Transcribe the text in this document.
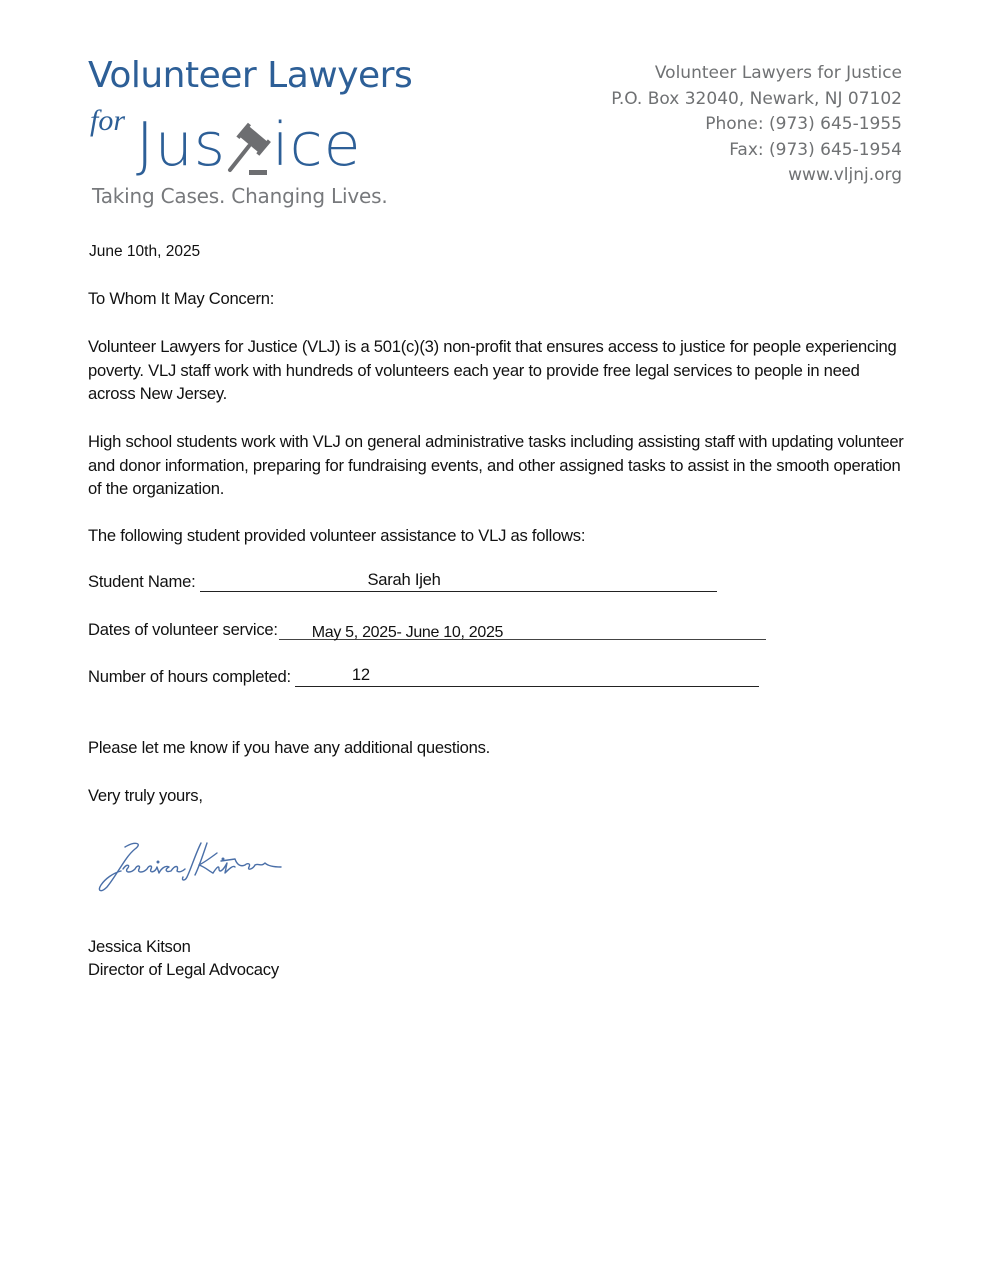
Volunteer Lawyers
for Jus ice
Taking Cases. Changing Lives.
Volunteer Lawyers for Justice
P.O. Box 32040, Newark, NJ 07102
Phone: (973) 645-1955
Fax: (973) 645-1954
www.vljnj.org
June 10th, 2025
To Whom It May Concern:
Volunteer Lawyers for Justice (VLJ) is a 501(c)(3) non-profit that ensures access to justice for people experiencing poverty. VLJ staff work with hundreds of volunteers each year to provide free legal services to people in need across New Jersey.
High school students work with VLJ on general administrative tasks including assisting staff with updating volunteer and donor information, preparing for fundraising events, and other assigned tasks to assist in the smooth operation of the organization.
The following student provided volunteer assistance to VLJ as follows:
Student Name:	Sarah Ijeh
Dates of volunteer service: May 5, 2025- June 10, 2025
Number of hours completed:	12
Please let me know if you have any additional questions.
Very truly yours,
Jessica Kitson
Director of Legal Advocacy
